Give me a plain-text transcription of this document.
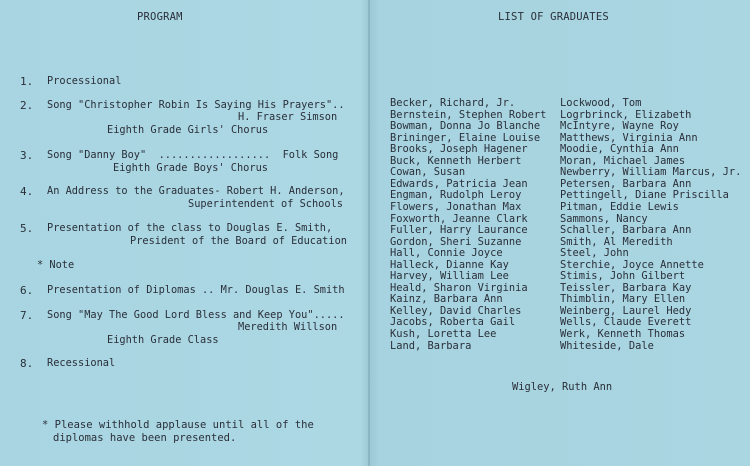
PROGRAM
1. Processional
2. Song "Christopher Robin Is Saying His Prayers"..
H. Fraser Simson
Eighth Grade Girls' Chorus
3. Song "Danny Boy"  ..................  Folk Song
Eighth Grade Boys' Chorus
4. An Address to the Graduates- Robert H. Anderson,
Superintendent of Schools
5. Presentation of the class to Douglas E. Smith,
President of the Board of Education
* Note
6. Presentation of Diplomas .. Mr. Douglas E. Smith
7. Song "May The Good Lord Bless and Keep You".....
Meredith Willson
Eighth Grade Class
8. Recessional
* Please withhold applause until all of the
diplomas have been presented.
LIST OF GRADUATES
Becker, Richard, Jr.
Bernstein, Stephen Robert
Bowman, Donna Jo Blanche
Brininger, Elaine Louise
Brooks, Joseph Hagener
Buck, Kenneth Herbert
Cowan, Susan
Edwards, Patricia Jean
Engman, Rudolph Leroy
Flowers, Jonathan Max
Foxworth, Jeanne Clark
Fuller, Harry Laurance
Gordon, Sheri Suzanne
Hall, Connie Joyce
Halleck, Dianne Kay
Harvey, William Lee
Heald, Sharon Virginia
Kainz, Barbara Ann
Kelley, David Charles
Jacobs, Roberta Gail
Kush, Loretta Lee
Land, Barbara
Lockwood, Tom
Logrbrinck, Elizabeth
McIntyre, Wayne Roy
Matthews, Virginia Ann
Moodie, Cynthia Ann
Moran, Michael James
Newberry, William Marcus, Jr.
Petersen, Barbara Ann
Pettingell, Diane Priscilla
Pitman, Eddie Lewis
Sammons, Nancy
Schaller, Barbara Ann
Smith, Al Meredith
Steel, John
Sterchie, Joyce Annette
Stimis, John Gilbert
Teissler, Barbara Kay
Thimblin, Mary Ellen
Weinberg, Laurel Hedy
Wells, Claude Everett
Werk, Kenneth Thomas
Whiteside, Dale
Wigley, Ruth Ann
